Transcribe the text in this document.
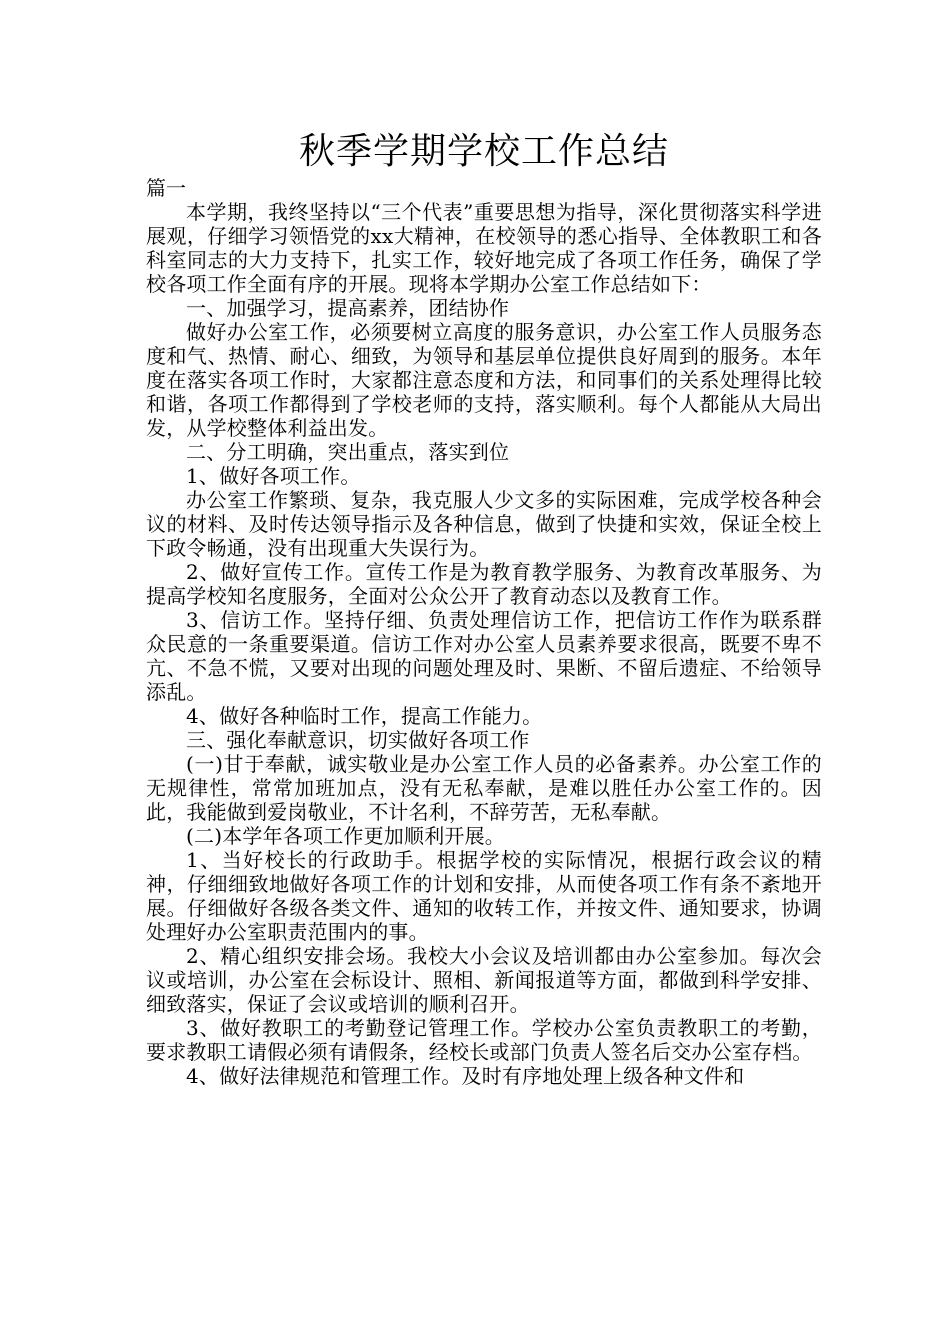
秋季学期学校工作总结

篇一

本学期，我终坚持以“三个代表”重要思想为指导，深化贯彻落实科学进展观，仔细学习领悟党的xx大精神，在校领导的悉心指导、全体教职工和各科室同志的大力支持下，扎实工作，较好地完成了各项工作任务，确保了学校各项工作全面有序的开展。现将本学期办公室工作总结如下：

一、加强学习，提高素养，团结协作

做好办公室工作，必须要树立高度的服务意识，办公室工作人员服务态度和气、热情、耐心、细致，为领导和基层单位提供良好周到的服务。本年度在落实各项工作时，大家都注意态度和方法，和同事们的关系处理得比较和谐，各项工作都得到了学校老师的支持，落实顺利。每个人都能从大局出发，从学校整体利益出发。

二、分工明确，突出重点，落实到位

1、做好各项工作。

办公室工作繁琐、复杂，我克服人少文多的实际困难，完成学校各种会议的材料、及时传达领导指示及各种信息，做到了快捷和实效，保证全校上下政令畅通，没有出现重大失误行为。

2、做好宣传工作。宣传工作是为教育教学服务、为教育改革服务、为提高学校知名度服务，全面对公众公开了教育动态以及教育工作。

3、信访工作。坚持仔细、负责处理信访工作，把信访工作作为联系群众民意的一条重要渠道。信访工作对办公室人员素养要求很高，既要不卑不亢、不急不慌，又要对出现的问题处理及时、果断、不留后遗症、不给领导添乱。

4、做好各种临时工作，提高工作能力。

三、强化奉献意识，切实做好各项工作

(一)甘于奉献，诚实敬业是办公室工作人员的必备素养。办公室工作的无规律性，常常加班加点，没有无私奉献，是难以胜任办公室工作的。因此，我能做到爱岗敬业，不计名利，不辞劳苦，无私奉献。

(二)本学年各项工作更加顺利开展。

1、当好校长的行政助手。根据学校的实际情况，根据行政会议的精神，仔细细致地做好各项工作的计划和安排，从而使各项工作有条不紊地开展。仔细做好各级各类文件、通知的收转工作，并按文件、通知要求，协调处理好办公室职责范围内的事。

2、精心组织安排会场。我校大小会议及培训都由办公室参加。每次会议或培训，办公室在会标设计、照相、新闻报道等方面，都做到科学安排、细致落实，保证了会议或培训的顺利召开。

3、做好教职工的考勤登记管理工作。学校办公室负责教职工的考勤，要求教职工请假必须有请假条，经校长或部门负责人签名后交办公室存档。

4、做好法律规范和管理工作。及时有序地处理上级各种文件和
